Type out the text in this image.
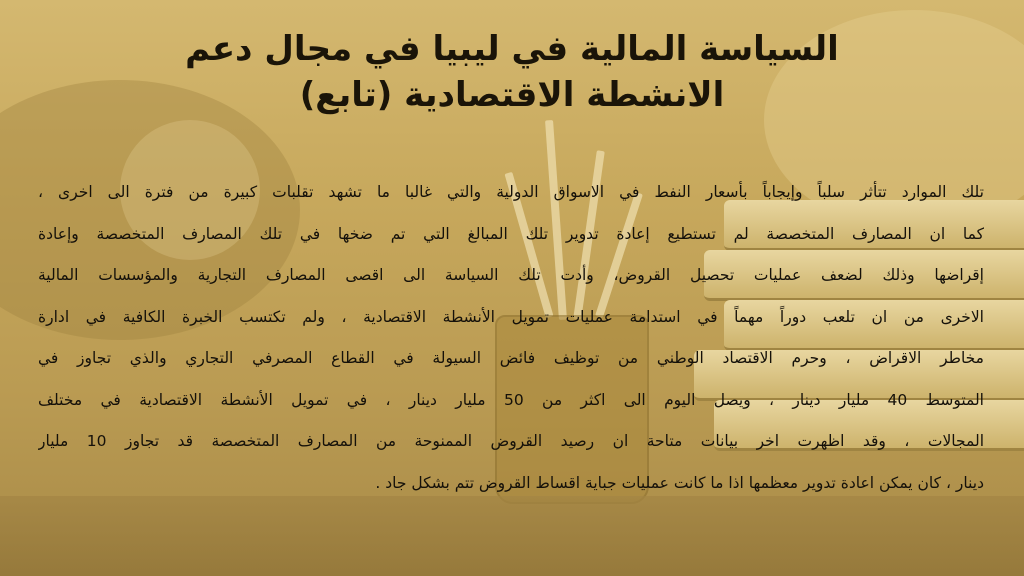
السياسة المالية في ليبيا في مجال دعم
الانشطة الاقتصادية (تابع)
تلك الموارد تتأثر سلباً وإيجاباً بأسعار النفط في الاسواق الدولية والتي غالبا ما تشهد تقلبات كبيرة من فترة الى اخرى ،
كما ان المصارف المتخصصة لم تستطيع إعادة تدوير تلك المبالغ التي تم ضخها في تلك المصارف المتخصصة وإعادة
إقراضها وذلك لضعف عمليات تحصيل القروض، وأدت تلك السياسة الى اقصى المصارف التجارية والمؤسسات المالية
الاخرى من ان تلعب دوراً مهماً في استدامة عمليات تمويل الأنشطة الاقتصادية ، ولم تكتسب الخبرة الكافية في ادارة
مخاطر الاقراض ، وحرم الاقتصاد الوطني من توظيف فائض السيولة في القطاع المصرفي التجاري والذي تجاوز في
المتوسط 40 مليار دينار ، ويصل اليوم الى اكثر من 50 مليار دينار ، في تمويل الأنشطة الاقتصادية في مختلف
المجالات ، وقد اظهرت اخر بيانات متاحة ان رصيد القروض الممنوحة من المصارف المتخصصة قد تجاوز 10 مليار
دينار ، كان يمكن اعادة تدوير معظمها اذا ما كانت عمليات جباية اقساط القروض تتم بشكل جاد .
